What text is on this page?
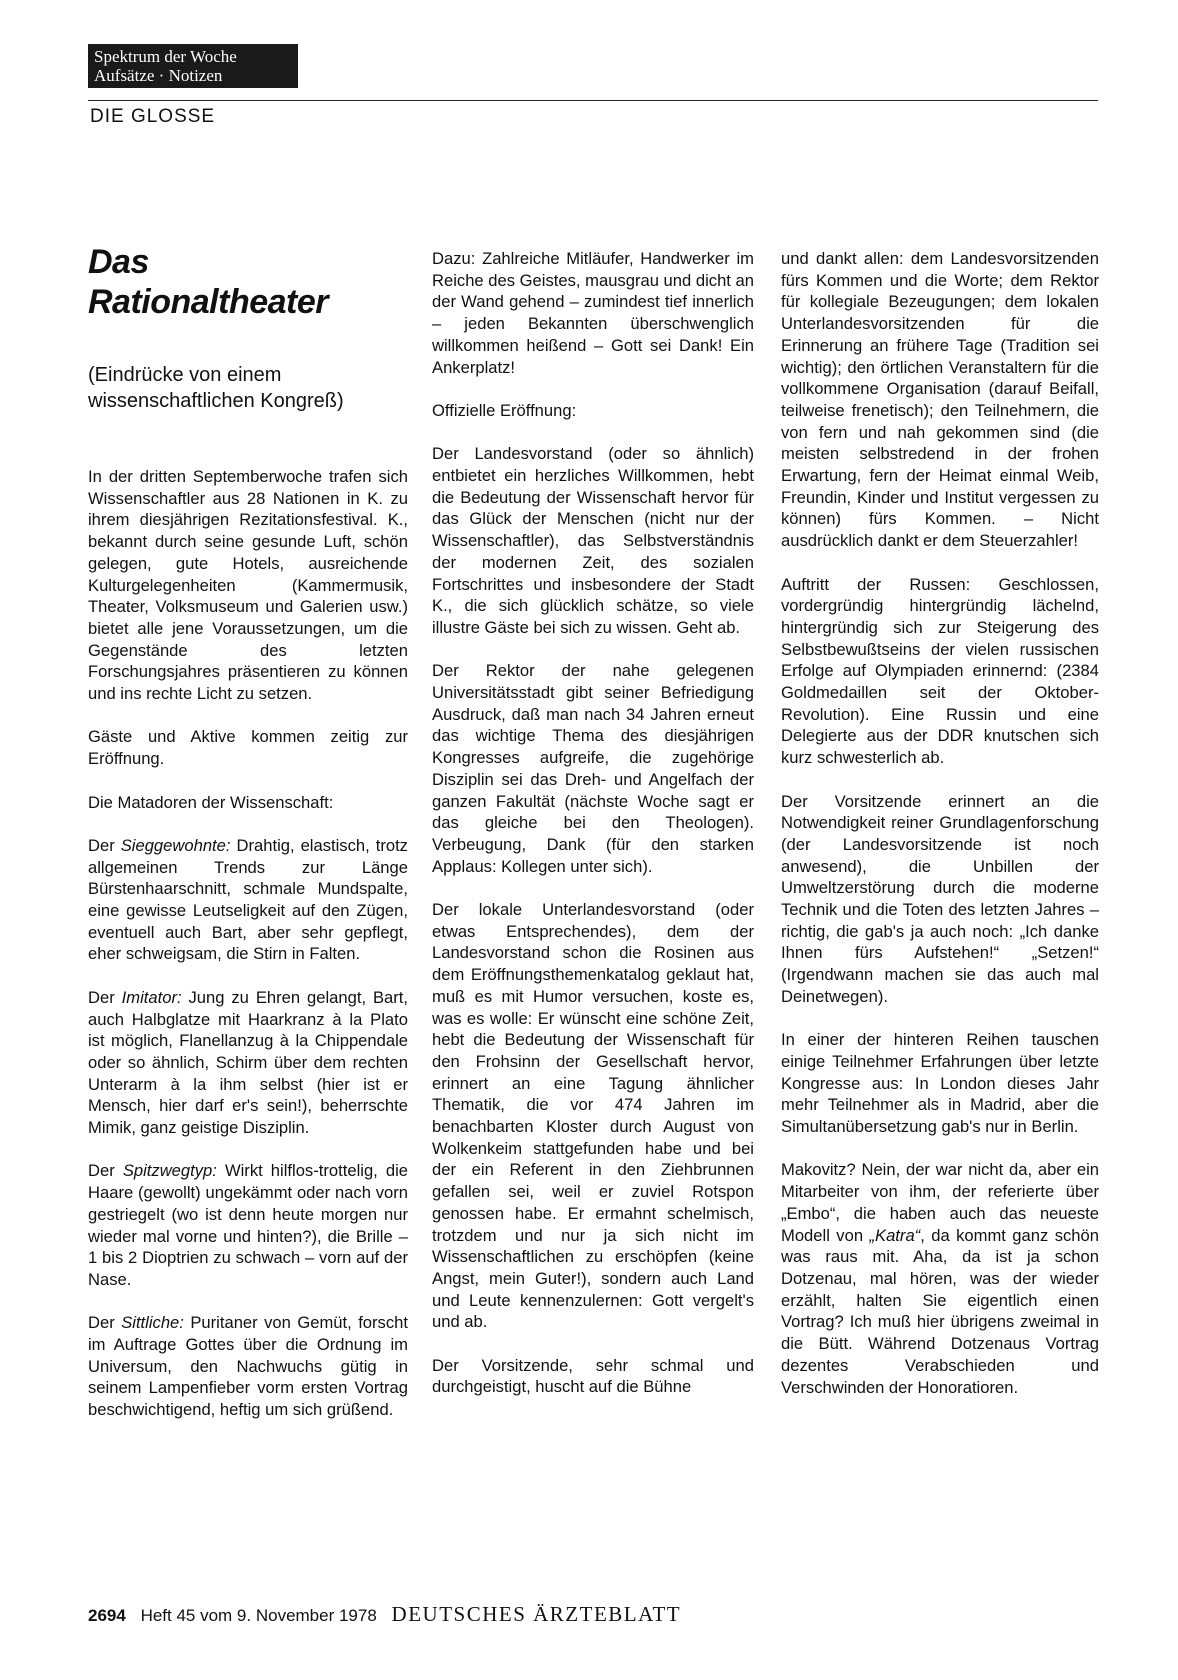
Spektrum der Woche
Aufsätze · Notizen
DIE GLOSSE
Das
Rationaltheater

(Eindrücke von einem
wissenschaftlichen Kongreß)

In der dritten Septemberwoche trafen sich Wissenschaftler aus 28 Nationen in K. zu ihrem diesjährigen Rezitationsfestival. K., bekannt durch seine gesunde Luft, schön gelegen, gute Hotels, ausreichende Kulturgelegenheiten (Kammermusik, Theater, Volksmuseum und Galerien usw.) bietet alle jene Voraussetzungen, um die Gegenstände des letzten Forschungsjahres präsentieren zu können und ins rechte Licht zu setzen.

Gäste und Aktive kommen zeitig zur Eröffnung.

Die Matadoren der Wissenschaft:

Der Sieggewohnte: Drahtig, elastisch, trotz allgemeinen Trends zur Länge Bürstenhaarschnitt, schmale Mundspalte, eine gewisse Leutseligkeit auf den Zügen, eventuell auch Bart, aber sehr gepflegt, eher schweigsam, die Stirn in Falten.

Der Imitator: Jung zu Ehren gelangt, Bart, auch Halbglatze mit Haarkranz à la Plato ist möglich, Flanellanzug à la Chippendale oder so ähnlich, Schirm über dem rechten Unterarm à la ihm selbst (hier ist er Mensch, hier darf er's sein!), beherrschte Mimik, ganz geistige Disziplin.

Der Spitzwegtyp: Wirkt hilflos-trottelig, die Haare (gewollt) ungekämmt oder nach vorn gestriegelt (wo ist denn heute morgen nur wieder mal vorne und hinten?), die Brille – 1 bis 2 Dioptrien zu schwach – vorn auf der Nase.

Der Sittliche: Puritaner von Gemüt, forscht im Auftrage Gottes über die Ordnung im Universum, den Nachwuchs gütig in seinem Lampenfieber vorm ersten Vortrag beschwichtigend, heftig um sich grüßend.

Dazu: Zahlreiche Mitläufer, Handwerker im Reiche des Geistes, mausgrau und dicht an der Wand gehend – zumindest tief innerlich – jeden Bekannten überschwenglich willkommen heißend – Gott sei Dank! Ein Ankerplatz!

Offizielle Eröffnung:

Der Landesvorstand (oder so ähnlich) entbietet ein herzliches Willkommen, hebt die Bedeutung der Wissenschaft hervor für das Glück der Menschen (nicht nur der Wissenschaftler), das Selbstverständnis der modernen Zeit, des sozialen Fortschrittes und insbesondere der Stadt K., die sich glücklich schätze, so viele illustre Gäste bei sich zu wissen. Geht ab.

Der Rektor der nahe gelegenen Universitätsstadt gibt seiner Befriedigung Ausdruck, daß man nach 34 Jahren erneut das wichtige Thema des diesjährigen Kongresses aufgreife, die zugehörige Disziplin sei das Dreh- und Angelfach der ganzen Fakultät (nächste Woche sagt er das gleiche bei den Theologen). Verbeugung, Dank (für den starken Applaus: Kollegen unter sich).

Der lokale Unterlandesvorstand (oder etwas Entsprechendes), dem der Landesvorstand schon die Rosinen aus dem Eröffnungsthemenkatalog geklaut hat, muß es mit Humor versuchen, koste es, was es wolle: Er wünscht eine schöne Zeit, hebt die Bedeutung der Wissenschaft für den Frohsinn der Gesellschaft hervor, erinnert an eine Tagung ähnlicher Thematik, die vor 474 Jahren im benachbarten Kloster durch August von Wolkenkeim stattgefunden habe und bei der ein Referent in den Ziehbrunnen gefallen sei, weil er zuviel Rotspon genossen habe. Er ermahnt schelmisch, trotzdem und nur ja sich nicht im Wissenschaftlichen zu erschöpfen (keine Angst, mein Guter!), sondern auch Land und Leute kennenzulernen: Gott vergelt's und ab.

Der Vorsitzende, sehr schmal und durchgeistigt, huscht auf die Bühne

und dankt allen: dem Landesvorsitzenden fürs Kommen und die Worte; dem Rektor für kollegiale Bezeugungen; dem lokalen Unterlandesvorsitzenden für die Erinnerung an frühere Tage (Tradition sei wichtig); den örtlichen Veranstaltern für die vollkommene Organisation (darauf Beifall, teilweise frenetisch); den Teilnehmern, die von fern und nah gekommen sind (die meisten selbstredend in der frohen Erwartung, fern der Heimat einmal Weib, Freundin, Kinder und Institut vergessen zu können) fürs Kommen. – Nicht ausdrücklich dankt er dem Steuerzahler!

Auftritt der Russen: Geschlossen, vordergründig hintergründig lächelnd, hintergründig sich zur Steigerung des Selbstbewußtseins der vielen russischen Erfolge auf Olympiaden erinnernd: (2384 Goldmedaillen seit der Oktober-Revolution). Eine Russin und eine Delegierte aus der DDR knutschen sich kurz schwesterlich ab.

Der Vorsitzende erinnert an die Notwendigkeit reiner Grundlagenforschung (der Landesvorsitzende ist noch anwesend), die Unbillen der Umweltzerstörung durch die moderne Technik und die Toten des letzten Jahres – richtig, die gab's ja auch noch: „Ich danke Ihnen fürs Aufstehen!“ „Setzen!“ (Irgendwann machen sie das auch mal Deinetwegen).

In einer der hinteren Reihen tauschen einige Teilnehmer Erfahrungen über letzte Kongresse aus: In London dieses Jahr mehr Teilnehmer als in Madrid, aber die Simultanübersetzung gab's nur in Berlin.

Makovitz? Nein, der war nicht da, aber ein Mitarbeiter von ihm, der referierte über „Embo“, die haben auch das neueste Modell von „Katra“, da kommt ganz schön was raus mit. Aha, da ist ja schon Dotzenau, mal hören, was der wieder erzählt, halten Sie eigentlich einen Vortrag? Ich muß hier übrigens zweimal in die Bütt. Während Dotzenaus Vortrag dezentes Verabschieden und Verschwinden der Honoratioren.

2694 Heft 45 vom 9. November 1978 DEUTSCHES ÄRZTEBLATT
